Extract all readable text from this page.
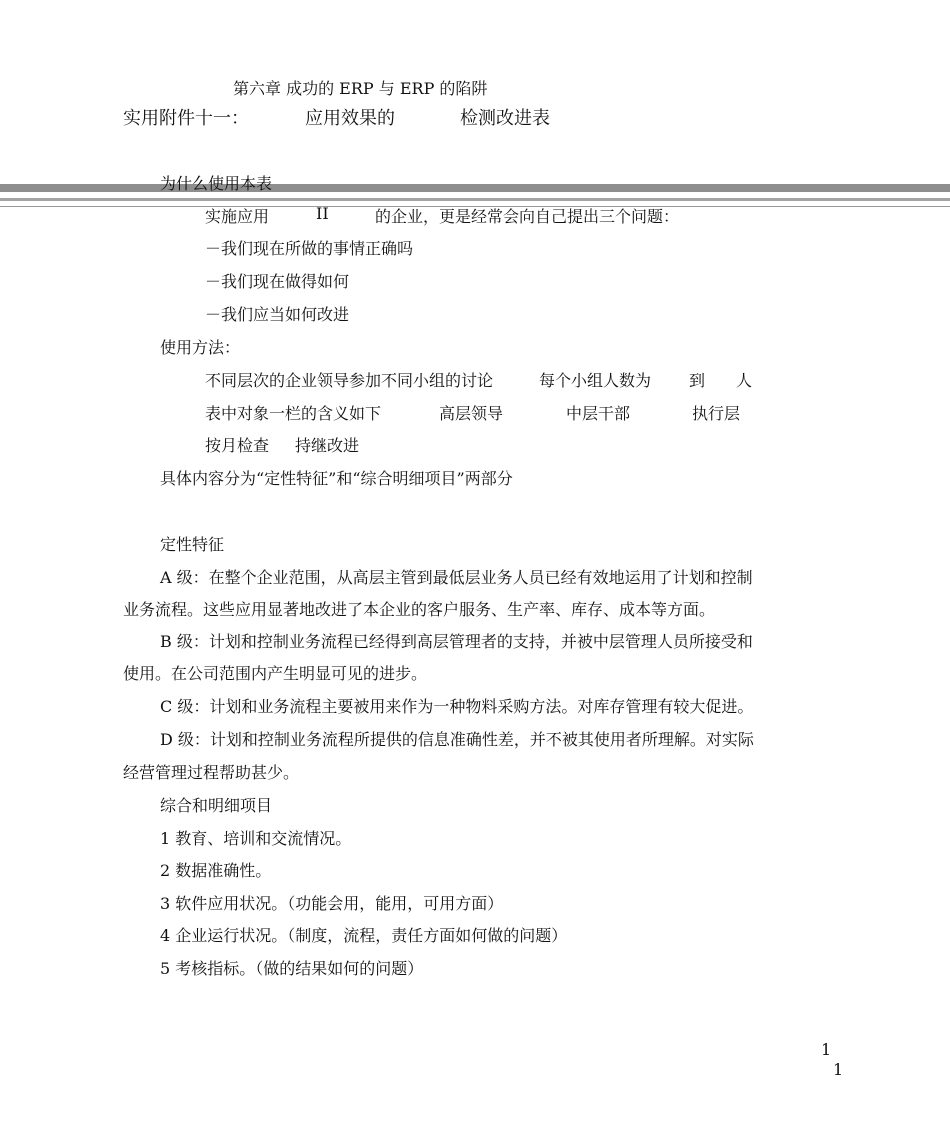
第六章 成功的 ERP 与 ERP 的陷阱
实用附件十一：	应用效果的	检测改进表
为什么使用本表
实施应用	II	的企业，更是经常会向自己提出三个问题：
－我们现在所做的事情正确吗
－我们现在做得如何
－我们应当如何改进
使用方法：
不同层次的企业领导参加不同小组的讨论	每个小组人数为 到 人
表中对象一栏的含义如下	高层领导	中层干部	执行层
按月检查 持继改进
具体内容分为“定性特征”和“综合明细项目”两部分
定性特征
A 级：在整个企业范围，从高层主管到最低层业务人员已经有效地运用了计划和控制
业务流程。这些应用显著地改进了本企业的客户服务、生产率、库存、成本等方面。
B 级：计划和控制业务流程已经得到高层管理者的支持，并被中层管理人员所接受和
使用。在公司范围内产生明显可见的进步。
C 级：计划和业务流程主要被用来作为一种物料采购方法。对库存管理有较大促进。
D 级：计划和控制业务流程所提供的信息准确性差，并不被其使用者所理解。对实际
经营管理过程帮助甚少。
综合和明细项目
1 教育、培训和交流情况。
2 数据准确性。
3 软件应用状况。（功能会用，能用，可用方面）
4 企业运行状况。（制度，流程，责任方面如何做的问题）
5 考核指标。（做的结果如何的问题）
1
1
